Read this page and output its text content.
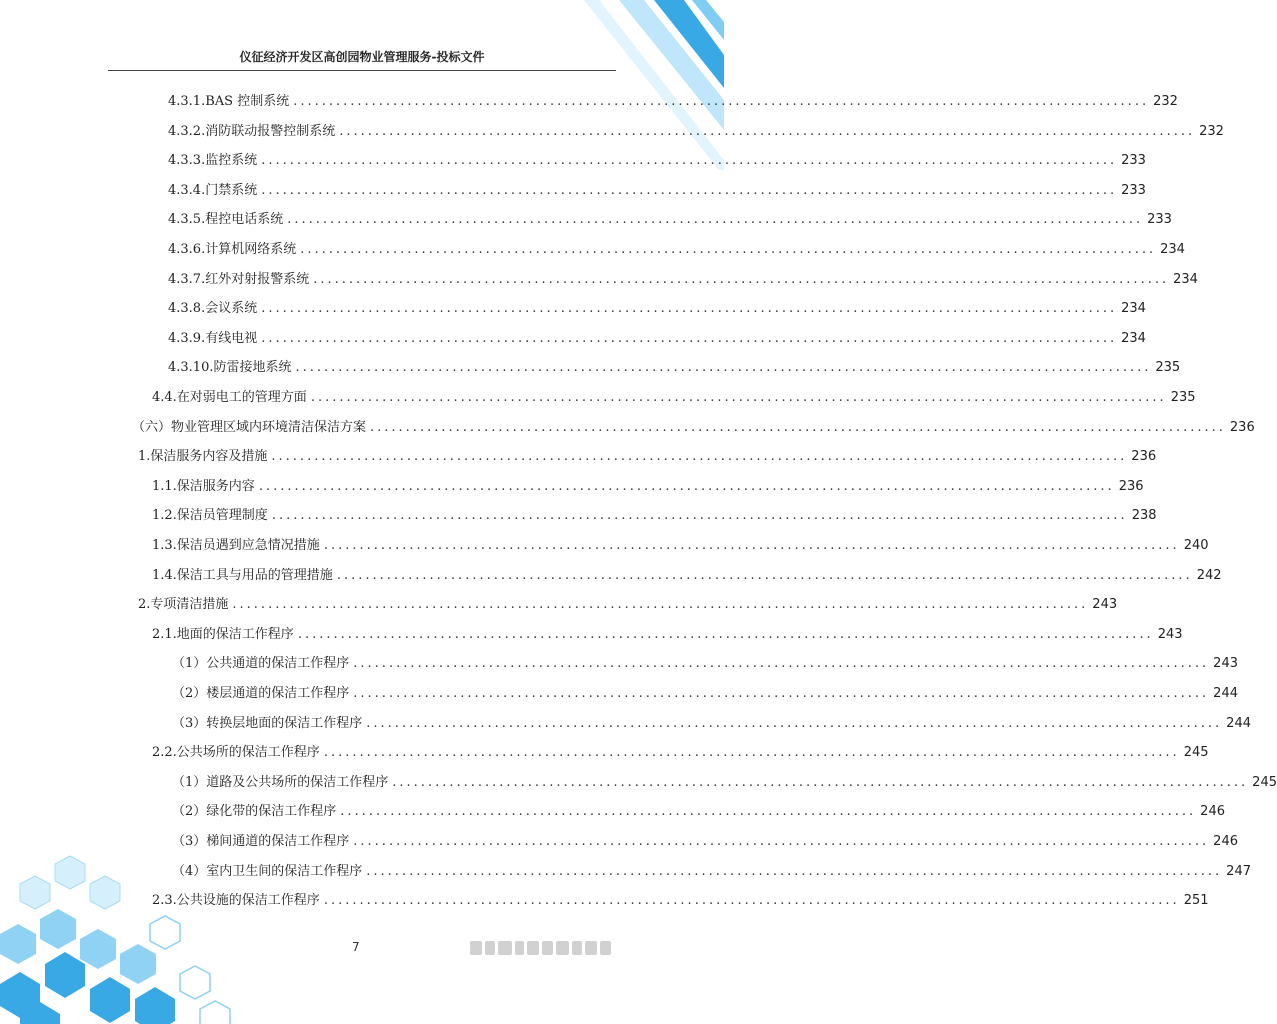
仪征经济开发区高创园物业管理服务-投标文件
4.3.1.BAS 控制系统 ........................................................................................................................ 232
4.3.2.消防联动报警控制系统 ........................................................................................................................ 232
4.3.3.监控系统 ........................................................................................................................ 233
4.3.4.门禁系统 ........................................................................................................................ 233
4.3.5.程控电话系统 ........................................................................................................................ 233
4.3.6.计算机网络系统 ........................................................................................................................ 234
4.3.7.红外对射报警系统 ........................................................................................................................ 234
4.3.8.会议系统 ........................................................................................................................ 234
4.3.9.有线电视 ........................................................................................................................ 234
4.3.10.防雷接地系统 ........................................................................................................................ 235
4.4.在对弱电工的管理方面 ........................................................................................................................ 235
（六）物业管理区域内环境清洁保洁方案 ........................................................................................................................ 236
1.保洁服务内容及措施 ........................................................................................................................ 236
1.1.保洁服务内容 ........................................................................................................................ 236
1.2.保洁员管理制度 ........................................................................................................................ 238
1.3.保洁员遇到应急情况措施 ........................................................................................................................ 240
1.4.保洁工具与用品的管理措施 ........................................................................................................................ 242
2.专项清洁措施 ........................................................................................................................ 243
2.1.地面的保洁工作程序 ........................................................................................................................ 243
（1）公共通道的保洁工作程序 ........................................................................................................................ 243
（2）楼层通道的保洁工作程序 ........................................................................................................................ 244
（3）转换层地面的保洁工作程序 ........................................................................................................................ 244
2.2.公共场所的保洁工作程序 ........................................................................................................................ 245
（1）道路及公共场所的保洁工作程序 ........................................................................................................................ 245
（2）绿化带的保洁工作程序 ........................................................................................................................ 246
（3）梯间通道的保洁工作程序 ........................................................................................................................ 246
（4）室内卫生间的保洁工作程序 ........................................................................................................................ 247
2.3.公共设施的保洁工作程序 ........................................................................................................................ 251
7
